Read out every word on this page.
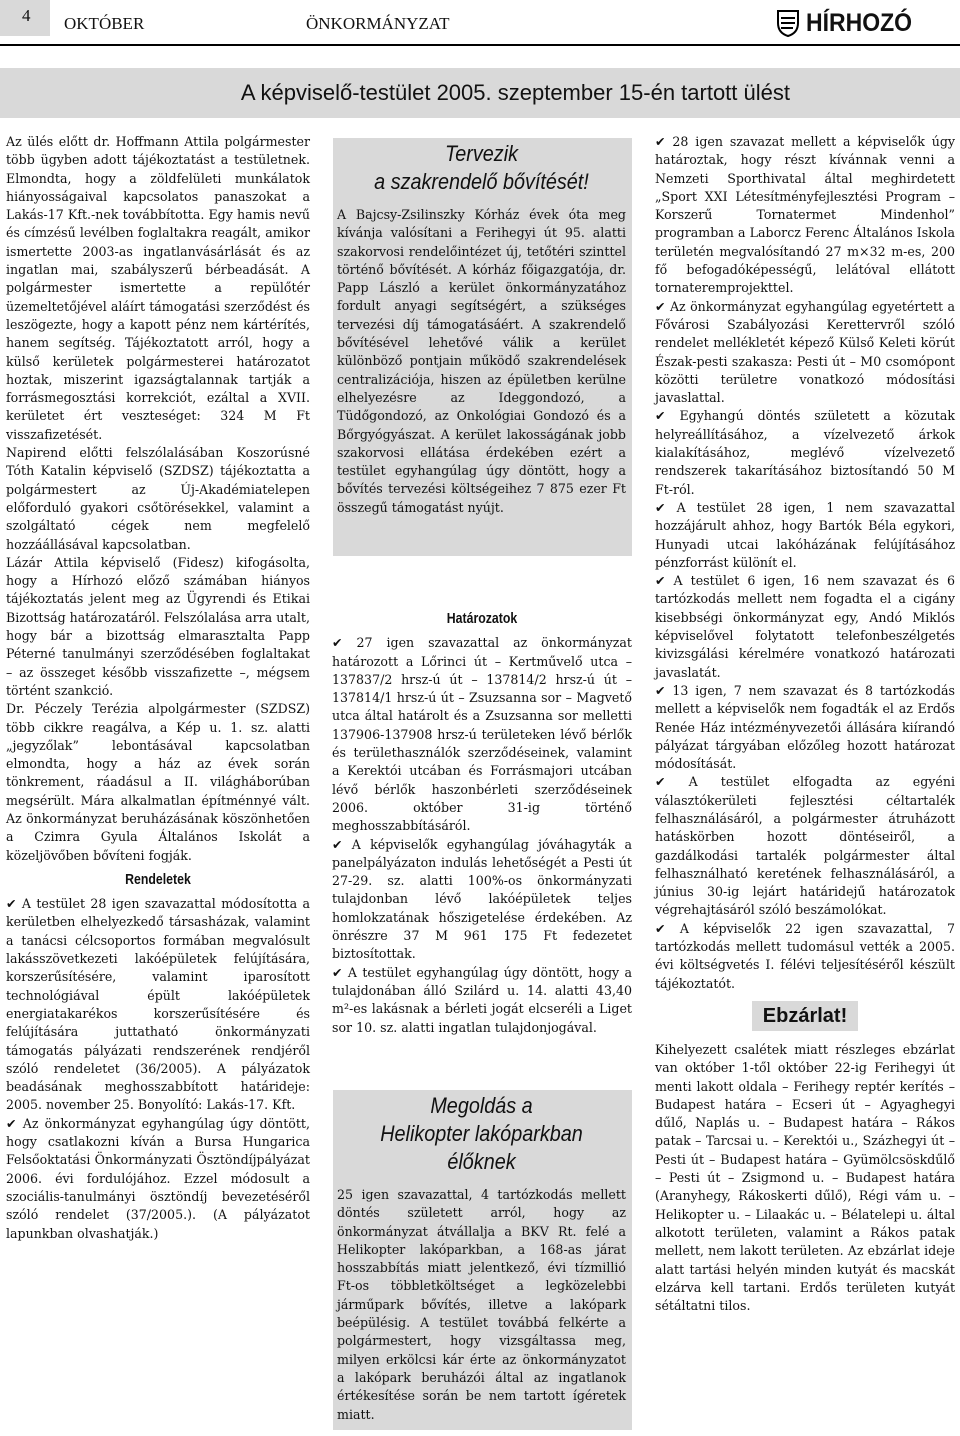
4	OKTÓBER	ÖNKORMÁNYZAT	HÍRHOZÓ
A képviselő-testület 2005. szeptember 15-én tartott ülést

Az ülés előtt dr. Hoffmann Attila polgármester több ügyben adott tájékoztatást a testületnek. Elmondta, hogy a zöldfelületi munkálatok hiányosságaival kapcsolatos panaszokat a Lakás-17 Kft.-nek továbbította. Egy hamis nevű és címzésű levélben foglaltakra reagált, amikor ismertette 2003-as ingatlanvásárlását és az ingatlan mai, szabályszerű bérbeadását. A polgármester ismertette a repülőtér üzemeltetőjével aláírt támogatási szerződést és leszögezte, hogy a kapott pénz nem kártérítés, hanem segítség. Tájékoztatott arról, hogy a külső kerületek polgármesterei határozatot hoztak, miszerint igazságtalannak tartják a forrásmegosztási korrekciót, ezáltal a XVII. kerületet ért veszteséget: 324 M Ft visszafizetését.

Napirend előtti felszólalásában Koszorúsné Tóth Katalin képviselő (SZDSZ) tájékoztatta a polgármestert az Új-Akadémiatelepen előforduló gyakori csőtörésekkel, valamint a szolgáltató cégek nem megfelelő hozzáállásával kapcsolatban.

Lázár Attila képviselő (Fidesz) kifogásolta, hogy a Hírhozó előző számában hiányos tájékoztatás jelent meg az Ügyrendi és Etikai Bizottság határozatáról. Felszólalása arra utalt, hogy bár a bizottság elmarasztalta Papp Péterné tanulmányi szerződésében foglaltakat – az összeget később visszafizette –, mégsem történt szankció.

Dr. Péczely Terézia alpolgármester (SZDSZ) több cikkre reagálva, a Kép u. 1. sz. alatti „jegyzőlak” lebontásával kapcsolatban elmondta, hogy a ház az évek során tönkrement, ráadásul a II. világháborúban megsérült. Mára alkalmatlan építménnyé vált. Az önkormányzat beruházásának köszönhetően a Czimra Gyula Általános Iskolát a közeljövőben bővíteni fogják.

Rendeletek

✔ A testület 28 igen szavazattal módosította a kerületben elhelyezkedő társasházak, valamint a tanácsi célcsoportos formában megvalósult lakásszövetkezeti lakóépületek felújítására, korszerűsítésére, valamint iparosított technológiával épült lakóépületek energiatakarékos korszerűsítésére és felújítására juttatható önkormányzati támogatás pályázati rendszerének rendjéről szóló rendeletet (36/2005). A pályázatok beadásának meghosszabbított határideje: 2005. november 25. Bonyolító: Lakás-17. Kft.

✔ Az önkormányzat egyhangúlag úgy döntött, hogy csatlakozni kíván a Bursa Hungarica Felsőoktatási Önkormányzati Ösztöndíjpályázat 2006. évi fordulójához. Ezzel módosult a szociális-tanulmányi ösztöndíj bevezetéséről szóló rendelet (37/2005.). (A pályázatot lapunkban olvashatják.)

Tervezik
a szakrendelő bővítését!

A Bajcsy-Zsilinszky Kórház évek óta meg kívánja valósítani a Ferihegyi út 95. alatti szakorvosi rendelőintézet új, tetőtéri szinttel történő bővítését. A kórház főigazgatója, dr. Papp László a kerület önkormányzatához fordult anyagi segítségért, a szükséges tervezési díj támogatásáért. A szakrendelő bővítésével lehetővé válik a kerület különböző pontjain működő szakrendelések centralizációja, hiszen az épületben kerülne elhelyezésre az Ideggondozó, a Tüdőgondozó, az Onkológiai Gondozó és a Bőrgyógyászat. A kerület lakosságának jobb szakorvosi ellátása érdekében ezért a testület egyhangúlag úgy döntött, hogy a bővítés tervezési költségeihez 7 875 ezer Ft összegű támogatást nyújt.

Határozatok

✔ 27 igen szavazattal az önkormányzat határozott a Lőrinci út – Kertművelő utca – 137837/2 hrsz-ú út – 137814/2 hrsz-ú út – 137814/1 hrsz-ú út – Zsuzsanna sor – Magvető utca által határolt és a Zsuzsanna sor melletti 137906-137908 hrsz-ú területeken lévő bérlők és területhasználók szerződéseinek, valamint a Kerektói utcában és Forrásmajori utcában lévő bérlők haszonbérleti szerződéseinek 2006. október 31-ig történő meghosszabbításáról.

✔ A képviselők egyhangúlag jóváhagyták a panelpályázaton indulás lehetőségét a Pesti út 27-29. sz. alatti 100%-os önkormányzati tulajdonban lévő lakóépületek teljes homlokzatának hőszigetelése érdekében. Az önrészre 37 M 961 175 Ft fedezetet biztosítottak.

✔ A testület egyhangúlag úgy döntött, hogy a tulajdonában álló Szilárd u. 14. alatti 43,40 m²-es lakásnak a bérleti jogát elcseréli a Liget sor 10. sz. alatti ingatlan tulajdonjogával.

Megoldás a
Helikopter lakóparkban
élőknek

25 igen szavazattal, 4 tartózkodás mellett döntés született arról, hogy az önkormányzat átvállalja a BKV Rt. felé a Helikopter lakóparkban, a 168-as járat hosszabbítás miatt jelentkező, évi tízmillió Ft-os többletköltséget a legközelebbi járműpark bővítés, illetve a lakópark beépülésig. A testület továbbá felkérte a polgármestert, hogy vizsgáltassa meg, milyen erkölcsi kár érte az önkormányzatot a lakópark beruházói által az ingatlanok értékesítése során be nem tartott ígéretek miatt.

✔ 28 igen szavazat mellett a képviselők úgy határoztak, hogy részt kívánnak venni a Nemzeti Sporthivatal által meghirdetett „Sport XXI Létesítményfejlesztési Program – Korszerű Tornatermet Mindenhol” programban a Laborcz Ferenc Általános Iskola területén megvalósítandó 27 m×32 m-es, 200 fő befogadóképességű, lelátóval ellátott tornateremprojekttel.

✔ Az önkormányzat egyhangúlag egyetértett a Fővárosi Szabályozási Kerettervről szóló rendelet mellékletét képező Külső Keleti körút Észak-pesti szakasza: Pesti út – M0 csomópont közötti területre vonatkozó módosítási javaslattal.

✔ Egyhangú döntés született a közutak helyreállításához, a vízelvezető árkok kialakításához, meglévő vízelvezető rendszerek takarításához biztosítandó 50 M Ft-ról.

✔ A testület 28 igen, 1 nem szavazattal hozzájárult ahhoz, hogy Bartók Béla egykori, Hunyadi utcai lakóházának felújításához pénzforrást különít el.

✔ A testület 6 igen, 16 nem szavazat és 6 tartózkodás mellett nem fogadta el a cigány kisebbségi önkormányzat egy, Andó Miklós képviselővel folytatott telefonbeszélgetés kivizsgálási kérelmére vonatkozó határozati javaslatát.

✔ 13 igen, 7 nem szavazat és 8 tartózkodás mellett a képviselők nem fogadták el az Erdős Renée Ház intézményvezetői állására kiírandó pályázat tárgyában előzőleg hozott határozat módosítását.

✔ A testület elfogadta az egyéni választókerületi fejlesztési céltartalék felhasználásáról, a polgármester átruházott hatáskörben hozott döntéseiről, a gazdálkodási tartalék polgármester által felhasználható keretének felhasználásáról, a június 30-ig lejárt határidejű határozatok végrehajtásáról szóló beszámolókat.

✔ A képviselők 22 igen szavazattal, 7 tartózkodás mellett tudomásul vették a 2005. évi költségvetés I. félévi teljesítéséről készült tájékoztatót.

Ebzárlat!

Kihelyezett csalétek miatt részleges ebzárlat van október 1-től október 22-ig Ferihegyi út menti lakott oldala – Ferihegy reptér kerítés – Budapest határa – Ecseri út – Agyaghegyi dűlő, Naplás u. – Budapest határa – Rákos patak – Tarcsai u. – Kerektói u., Százhegyi út – Pesti út – Budapest határa – Gyümölcsöskdűlő – Pesti út – Zsigmond u. – Budapest határa (Aranyhegy, Rákoskerti dűlő), Régi vám u. – Helikopter u. – Lilaakác u. – Bélatelepi u. által alkotott területen, valamint a Rákos patak mellett, nem lakott területen. Az ebzárlat ideje alatt tartási helyén minden kutyát és macskát elzárva kell tartani. Erdős területen kutyát sétáltatni tilos.
